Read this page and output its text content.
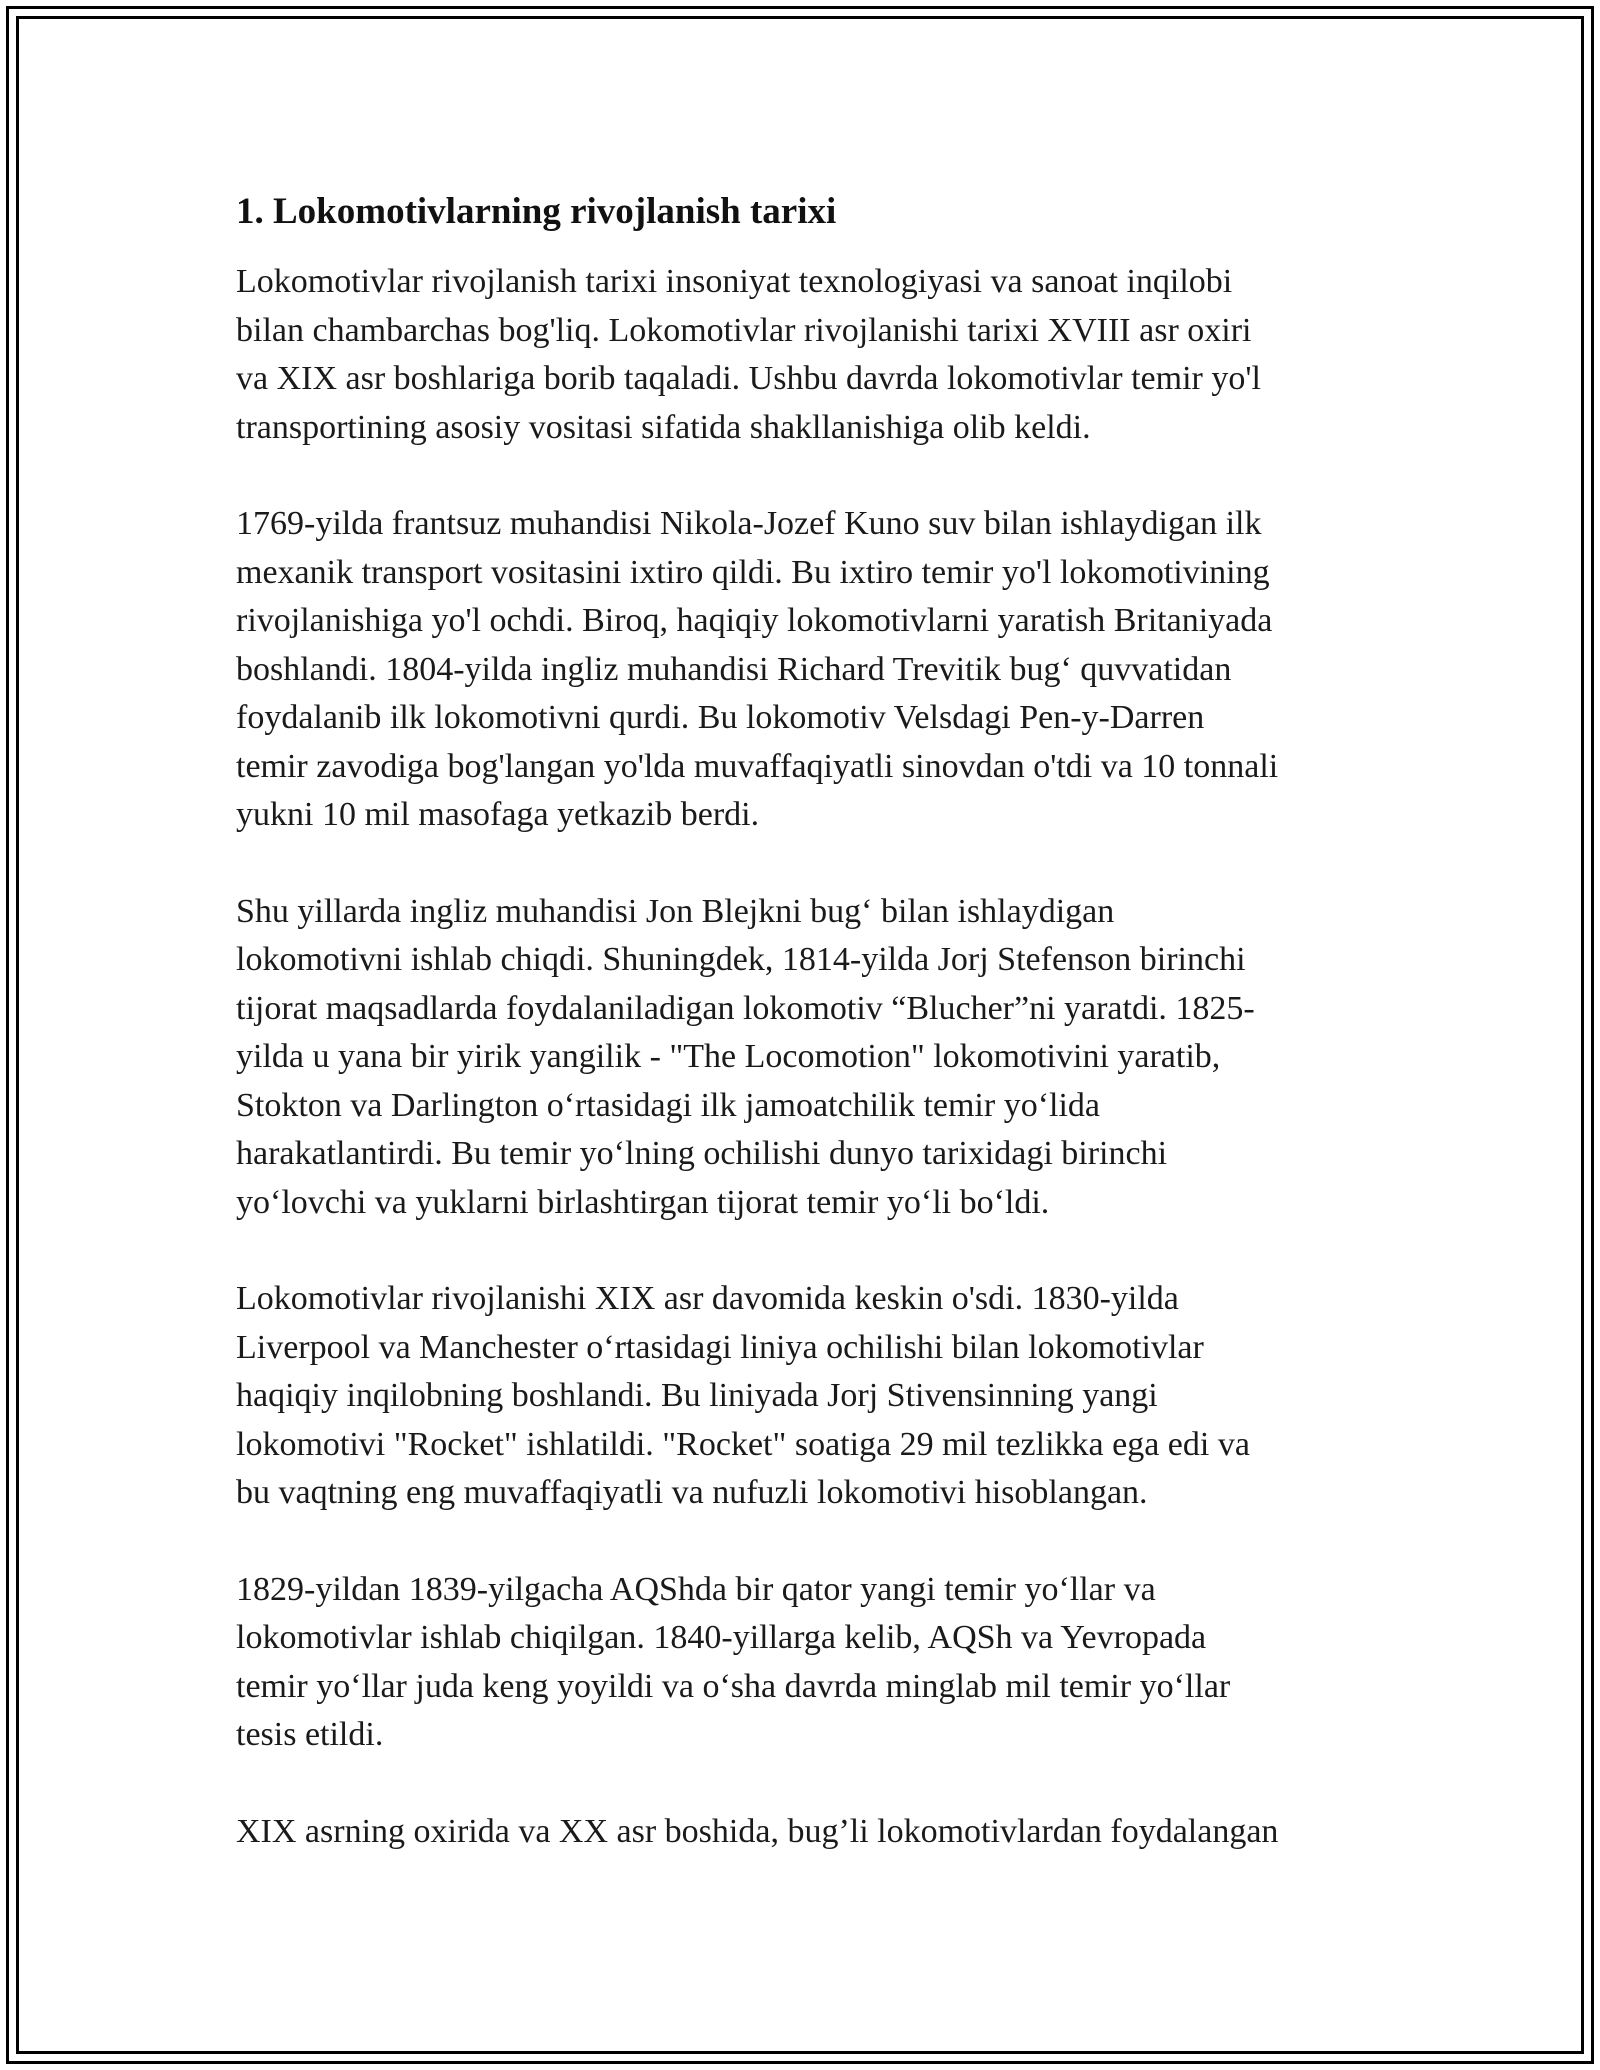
1. Lokomotivlarning rivojlanish tarixi

Lokomotivlar rivojlanish tarixi insoniyat texnologiyasi va sanoat inqilobi
bilan chambarchas bog'liq. Lokomotivlar rivojlanishi tarixi XVIII asr oxiri
va XIX asr boshlariga borib taqaladi. Ushbu davrda lokomotivlar temir yo'l
transportining asosiy vositasi sifatida shakllanishiga olib keldi.

1769-yilda frantsuz muhandisi Nikola-Jozef Kuno suv bilan ishlaydigan ilk
mexanik transport vositasini ixtiro qildi. Bu ixtiro temir yo'l lokomotivining
rivojlanishiga yo'l ochdi. Biroq, haqiqiy lokomotivlarni yaratish Britaniyada
boshlandi. 1804-yilda ingliz muhandisi Richard Trevitik bug‘ quvvatidan
foydalanib ilk lokomotivni qurdi. Bu lokomotiv Velsdagi Pen-y-Darren
temir zavodiga bog'langan yo'lda muvaffaqiyatli sinovdan o'tdi va 10 tonnali
yukni 10 mil masofaga yetkazib berdi.

Shu yillarda ingliz muhandisi Jon Blejkni bug‘ bilan ishlaydigan
lokomotivni ishlab chiqdi. Shuningdek, 1814-yilda Jorj Stefenson birinchi
tijorat maqsadlarda foydalaniladigan lokomotiv “Blucher”ni yaratdi. 1825-
yilda u yana bir yirik yangilik - "The Locomotion" lokomotivini yaratib,
Stokton va Darlington o‘rtasidagi ilk jamoatchilik temir yo‘lida
harakatlantirdi. Bu temir yo‘lning ochilishi dunyo tarixidagi birinchi
yo‘lovchi va yuklarni birlashtirgan tijorat temir yo‘li bo‘ldi.

Lokomotivlar rivojlanishi XIX asr davomida keskin o'sdi. 1830-yilda
Liverpool va Manchester o‘rtasidagi liniya ochilishi bilan lokomotivlar
haqiqiy inqilobning boshlandi. Bu liniyada Jorj Stivensinning yangi
lokomotivi "Rocket" ishlatildi. "Rocket" soatiga 29 mil tezlikka ega edi va
bu vaqtning eng muvaffaqiyatli va nufuzli lokomotivi hisoblangan.

1829-yildan 1839-yilgacha AQShda bir qator yangi temir yo‘llar va
lokomotivlar ishlab chiqilgan. 1840-yillarga kelib, AQSh va Yevropada
temir yo‘llar juda keng yoyildi va o‘sha davrda minglab mil temir yo‘llar
tesis etildi.

XIX asrning oxirida va XX asr boshida, bug’li lokomotivlardan foydalangan
